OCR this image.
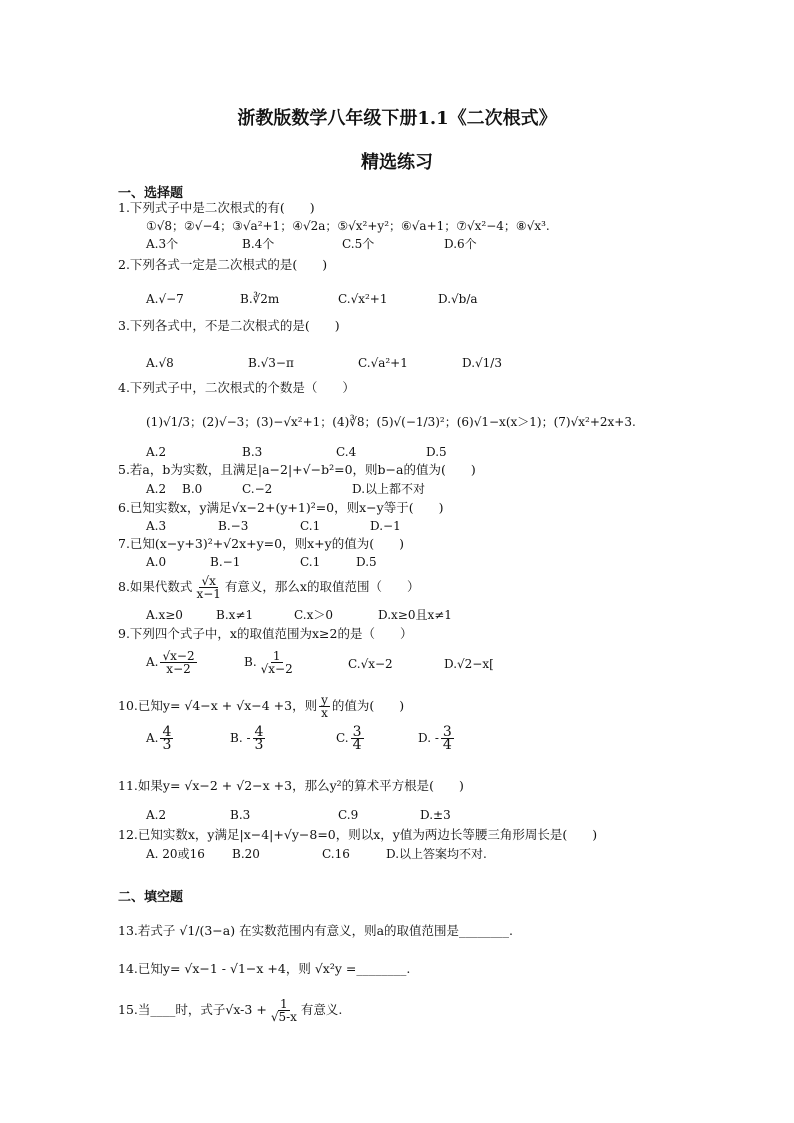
浙教版数学八年级下册1.1《二次根式》
精选练习
一、选择题
1.下列式子中是二次根式的有(　　)
①√8；②√−4；③√a²+1；④√2a；⑤√x²+y²；⑥√a+1；⑦√x²−4；⑧√x³.
A.3个	B.4个	C.5个	D.6个
2.下列各式一定是二次根式的是(　　)
A.√−7	B.∛2m	C.√x²+1	D.√b/a
3.下列各式中，不是二次根式的是(　　)
A.√8	B.√3−π	C.√a²+1	D.√1/3
4.下列式子中，二次根式的个数是（　　）
(1)√1/3；(2)√−3；(3)−√x²+1；(4)∛8；(5)√(−1/3)²；(6)√1−x(x＞1)；(7)√x²+2x+3.
A.2	B.3	C.4	D.5
5.若a，b为实数，且满足|a−2|+√−b²=0，则b−a的值为(　　)
A.2 B.0	C.−2	D.以上都不对
6.已知实数x，y满足√x−2+(y+1)²=0，则x−y等于(　　)
A.3	B.−3	C.1	D.−1
7.已知(x−y+3)²+√2x+y=0，则x+y的值为(　　)
A.0	B.−1	C.1	D.5
8.如果代数式 $\frac{√x}{x-1}$ 有意义，那么x的取值范围（　　）
A.x≥0	B.x≠1	C.x＞0	D.x≥0且x≠1
9.下列四个式子中，x的取值范围为x≥2的是（　　）
A. $\frac{√x-2}{x-2}$	B. $\frac{1}{√x-2}$	C.√x−2	D.√2−x[
10.已知y= √4−x + √x−4 +3，则 $\frac{y}{x}$ 的值为(　　)
A. $\frac{4}{3}$	B. - $\frac{4}{3}$	C. $\frac{3}{4}$	D. - $\frac{3}{4}$
11.如果y= √x−2 + √2−x +3，那么y²的算术平方根是(　　)
A.2	B.3	C.9	D.±3
12.已知实数x，y满足|x−4|+√y−8=0，则以x，y值为两边长等腰三角形周长是(　　)
A. 20或16 B.20	C.16	D.以上答案均不对.
二、填空题
13.若式子 √1/(3−a) 在实数范围内有意义，则a的取值范围是________.
14.已知y= √x−1 - √1−x +4，则 √x²y =________.
15.当____时，式子$√x-3 + \frac{1}{√5-x}$ 有意义.
